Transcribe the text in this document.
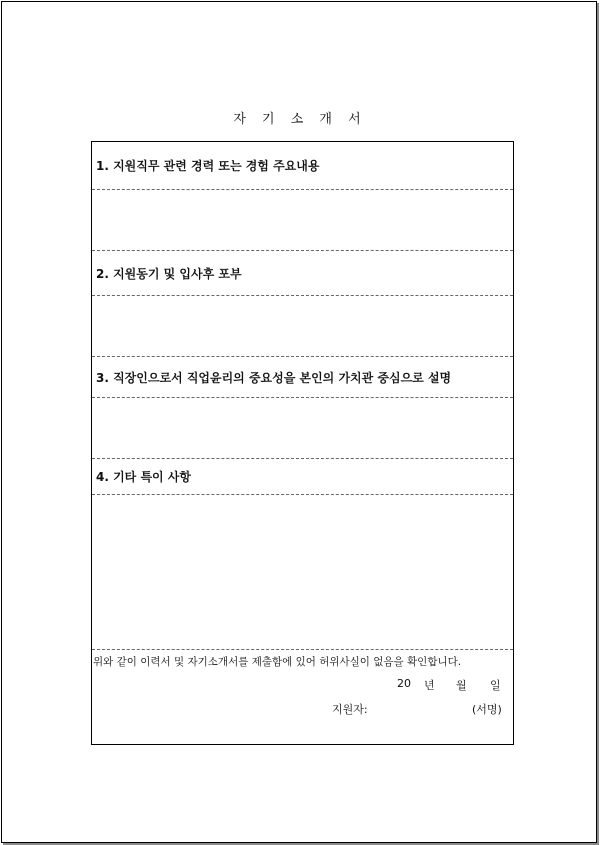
자 기 소 개 서
1. 지원직무 관련 경력 또는 경험 주요내용
2. 지원동기 및 입사후 포부
3. 직장인으로서 직업윤리의 중요성을 본인의 가치관 중심으로 설명
4. 기타 특이 사항
위와 같이 이력서 및 자기소개서를 제출함에 있어 허위사실이 없음을 확인합니다.
20 년 월 일
지원자:	(서명)
